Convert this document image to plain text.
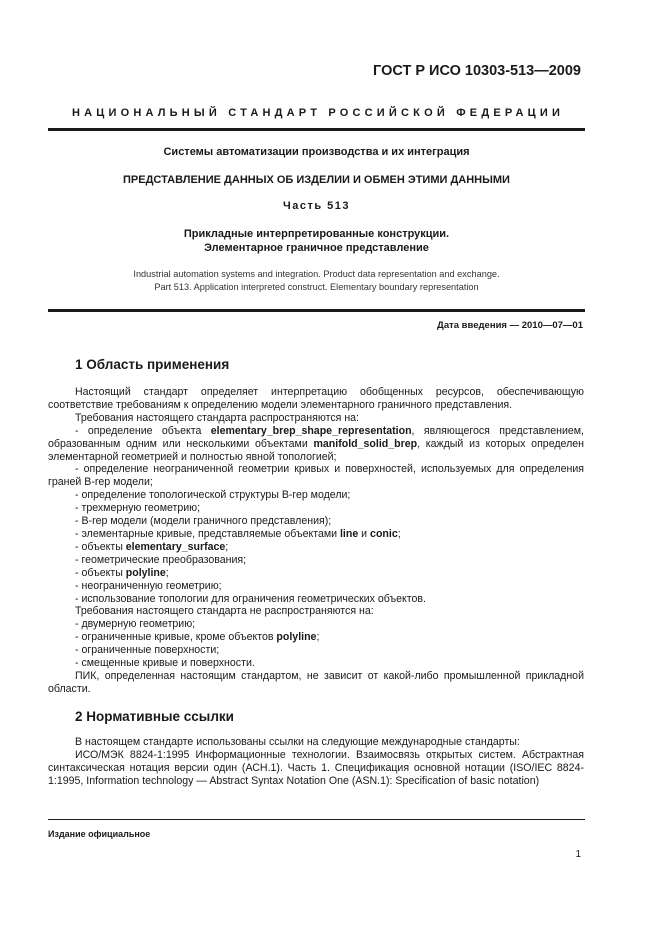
ГОСТ Р ИСО 10303-513—2009
НАЦИОНАЛЬНЫЙ СТАНДАРТ РОССИЙСКОЙ ФЕДЕРАЦИИ
Системы автоматизации производства и их интеграция
ПРЕДСТАВЛЕНИЕ ДАННЫХ ОБ ИЗДЕЛИИ И ОБМЕН ЭТИМИ ДАННЫМИ
Часть 513
Прикладные интерпретированные конструкции.
Элементарное граничное представление
Industrial automation systems and integration. Product data representation and exchange.
Part 513. Application interpreted construct. Elementary boundary representation
Дата введения — 2010—07—01
1 Область применения

Настоящий стандарт определяет интерпретацию обобщенных ресурсов, обеспечивающую соответствие требованиям к определению модели элементарного граничного представления.

Требования настоящего стандарта распространяются на:

- определение объекта elementary_brep_shape_representation, являющегося представлением, образованным одним или несколькими объектами manifold_solid_brep, каждый из которых определен элементарной геометрией и полностью явной топологией;

- определение неограниченной геометрии кривых и поверхностей, используемых для определения граней B-rep модели;

- определение топологической структуры B-rep модели;

- трехмерную геометрию;

- B-rep модели (модели граничного представления);

- элементарные кривые, представляемые объектами line и conic;

- объекты elementary_surface;

- геометрические преобразования;

- объекты polyline;

- неограниченную геометрию;

- использование топологии для ограничения геометрических объектов.

Требования настоящего стандарта не распространяются на:

- двумерную геометрию;

- ограниченные кривые, кроме объектов polyline;

- ограниченные поверхности;

- смещенные кривые и поверхности.

ПИК, определенная настоящим стандартом, не зависит от какой-либо промышленной прикладной области.

2 Нормативные ссылки

В настоящем стандарте использованы ссылки на следующие международные стандарты:

ИСО/МЭК 8824-1:1995 Информационные технологии. Взаимосвязь открытых систем. Абстрактная синтаксическая нотация версии один (АСН.1). Часть 1. Спецификация основной нотации (ISO/IEC 8824-1:1995, Information technology — Abstract Syntax Notation One (ASN.1): Specification of basic notation)

Издание официальное
1
